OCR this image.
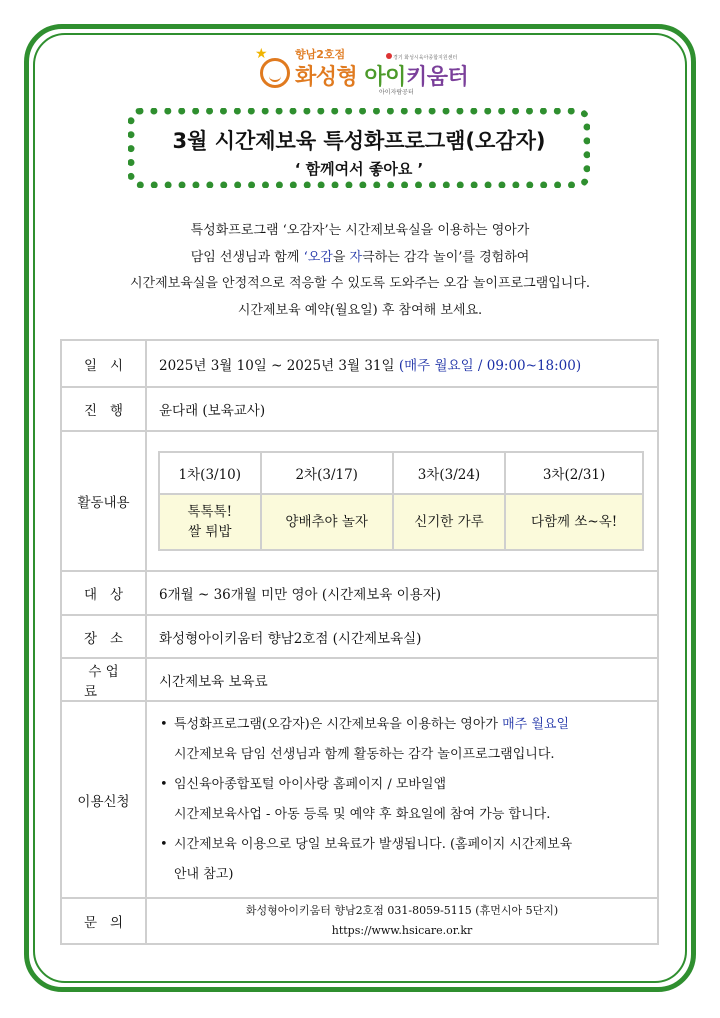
★ 향남2호점
화성형 아이키움터
아이자람공터
경기 화성시육아종합지원센터
3월 시간제보육 특성화프로그램(오감자)
‘ 함께여서 좋아요 ’

특성화프로그램 ‘오감자’는 시간제보육실을 이용하는 영아가

담임 선생님과 함께 ‘오감을 자극하는 감각 놀이’를 경험하여

시간제보육실을 안정적으로 적응할 수 있도록 도와주는 오감 놀이프로그램입니다.

시간제보육 예약(월요일) 후 참여해 보세요.

일 시	2025년 3월 10일 ~ 2025년 3월 31일 (매주 월요일 / 09:00~18:00)
진 행	윤다래 (보육교사)
활동내용	
1차(3/10)	2차(3/17)	3차(3/24)	3차(2/31)
톡톡톡!
쌀 튀밥	양배추야 놀자	신기한 가루	다함께 쏘~옥!

대 상	6개월 ~ 36개월 미만 영아 (시간제보육 이용자)
장 소	화성형아이키움터 향남2호점 (시간제보육실)
수 업 료	시간제보육 보육료
이용신청	
• 특성화프로그램(오감자)은 시간제보육을 이용하는 영아가 매주 월요일
시간제보육 담임 선생님과 함께 활동하는 감각 놀이프로그램입니다.
• 임신육아종합포털 아이사랑 홈페이지 / 모바일앱
시간제보육사업 - 아동 등록 및 예약 후 화요일에 참여 가능 합니다.
• 시간제보육 이용으로 당일 보육료가 발생됩니다. (홈페이지 시간제보육
안내 참고)

문 의	
화성형아이키움터 향남2호점 031-8059-5115 (휴먼시아 5단지)
https://www.hsicare.or.kr
